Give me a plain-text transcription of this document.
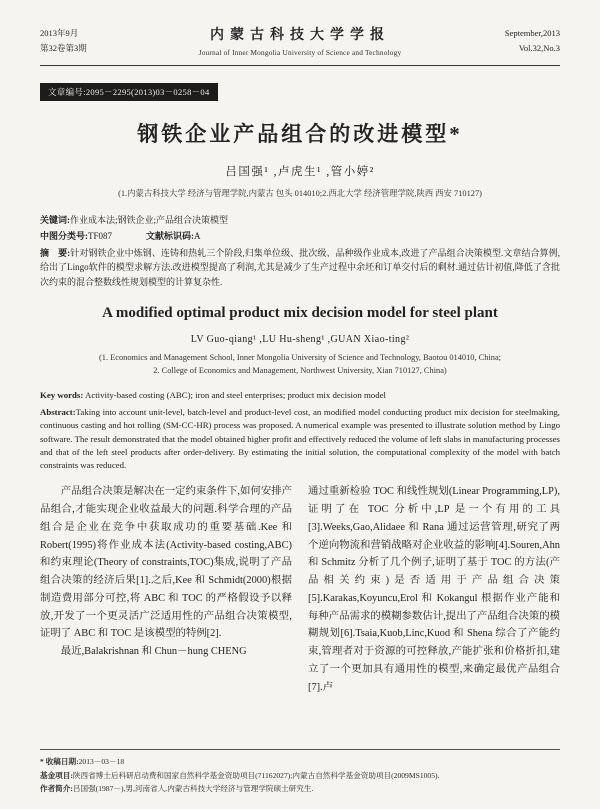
2013年9月
第32卷第3期
内蒙古科技大学学报
Journal of Inner Mongolia University of Science and Technology
September,2013
Vol.32,No.3
文章编号:2095－2295(2013)03－0258－04
钢铁企业产品组合的改进模型*
吕国强¹ ,卢虎生¹ ,管小婷²
(1.内蒙古科技大学 经济与管理学院,内蒙古 包头 014010;2.西北大学 经济管理学院,陕西 西安 710127)
关键词:作业成本法;钢铁企业;产品组合决策模型
中图分类号:TF087	文献标识码:A
摘　要:针对钢铁企业中炼钢、连铸和热轧三个阶段,归集单位级、批次级、品种级作业成本,改进了产品组合决策模型.文章结合算例,给出了Lingo软件的模型求解方法.改进模型提高了利润,尤其是减少了生产过程中余坯和订单交付后的剩材.通过估计初值,降低了含批次约束的混合整数线性规划模型的计算复杂性.
A modified optimal product mix decision model for steel plant
LV Guo-qiang¹ ,LU Hu-sheng¹ ,GUAN Xiao-ting²
(1. Economics and Management School, Inner Mongolia University of Science and Technology, Baotou 014010, China;
2. College of Economics and Management, Northwest University, Xian 710127, China)
Key words: Activity-based costing (ABC); iron and steel enterprises; product mix decision model
Abstract:Taking into account unit-level, batch-level and product-level cost, an modified model conducting product mix decision for steelmaking, continuous casting and hot rolling (SM-CC-HR) process was proposed. A numerical example was presented to illustrate solution method by Lingo software. The result demonstrated that the model obtained higher profit and effectively reduced the volume of left slabs in manufacturing processes and that of the left steel products after order-delivery. By estimating the initial solution, the computational complexity of the model with batch constraints was reduced.

产品组合决策是解决在一定约束条件下,如何安排产品组合,才能实现企业收益最大的问题.科学合理的产品组合是企业在竞争中获取成功的重要基础.Kee 和 Robert(1995)将作业成本法(Activity-based costing,ABC)和约束理论(Theory of constraints,TOC)集成,说明了产品组合决策的经济后果[1].之后,Kee 和 Schmidt(2000)根据制造费用部分可控,将 ABC 和 TOC 的严格假设予以释放,开发了一个更灵活广泛适用性的产品组合决策模型,证明了 ABC 和 TOC 是该模型的特例[2].

最近,Balakrishnan 和 Chun－hung CHENG

通过重新检验 TOC 和线性规划(Linear Programming,LP),证明了在 TOC 分析中,LP 是一个有用的工具[3].Weeks,Gao,Alidaee 和 Rana 通过运营管理,研究了两个逆向物流和营销战略对企业收益的影响[4].Souren,Ahn 和 Schmitz 分析了几个例子,证明了基于 TOC 的方法(产品相关约束)是否适用于产品组合决策[5].Karakas,Koyuncu,Erol 和 Kokangul 根据作业产能和每种产品需求的模糊参数估计,提出了产品组合决策的模糊规划[6].Tsaia,Kuob,Linc,Kuod 和 Shena 综合了产能约束,管理者对于资源的可控释放,产能扩张和价格折扣,建立了一个更加具有通用性的模型,来确定最优产品组合[7].卢

* 收稿日期:2013－03－18
基金项目:陕西省博士后科研启动费和国家自然科学基金资助项目(71162027);内蒙古自然科学基金资助项目(2009MS1005).
作者简介:吕国强(1987－),男,河南省人,内蒙古科技大学经济与管理学院硕士研究生.
